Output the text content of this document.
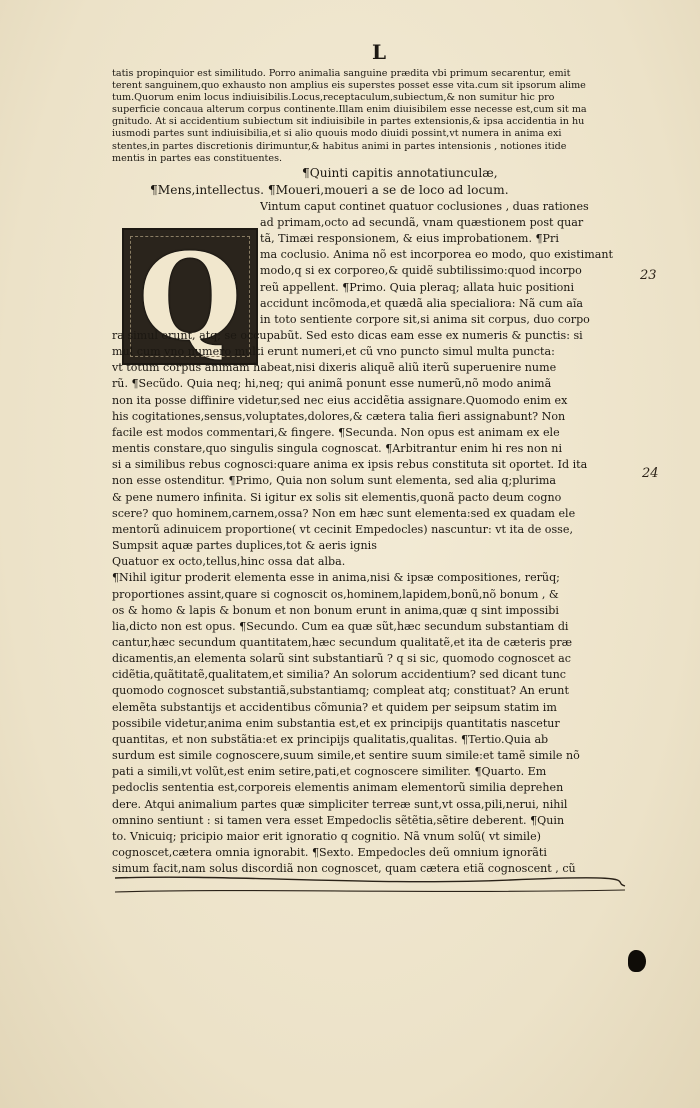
L
23
24
Q
tatis propinquior est similitudo. Porro animalia sanguine prædita vbi primum secarentur, emit
terent sanguinem,quo exhausto non amplius eis superstes posset esse vita.cum sit ipsorum alime
tum.Quorum enim locus indiuisibilis.Locus,receptaculum,subiectum,& non sumitur hic pro
superficie concaua alterum corpus continente.Illam enim diuisibilem esse necesse est,cum sit ma
gnitudo. At si accidentium subiectum sit indiuisibile in partes extensionis,& ipsa accidentia in hu
iusmodi partes sunt indiuisibilia,et si alio quouis modo diuidi possint,vt numera in anima exi
stentes,in partes discretionis dirimuntur,& habitus animi in partes intensionis , notiones itide
mentis in partes eas constituentes.
¶Quinti capitis annotatiunculæ,
¶Mens,intellectus. ¶Moueri,moueri a se de loco ad locum.
Vintum caput continet quatuor coclusiones , duas rationes
ad primam,octo ad secundã, vnam quæstionem post quar
tã, Timæi responsionem, & eius improbationem. ¶Pri
ma coclusio. Anima nõ est incorporea eo modo, quo existimant
modo,q si ex corporeo,& quidẽ subtilissimo:quod incorpo
reũ appellent. ¶Primo. Quia pleraq; allata huic positioni
accidunt incõmoda,et quædã alia specialiora: Nã cum aĩa
in toto sentiente corpore sit,si anima sit corpus, duo corpo
ra simul erunt, atq; se occupabũt. Sed esto dicas eam esse ex numeris & punctis: si
mul cum vno numero multi erunt numeri,et cũ vno puncto simul multa puncta:
vt totum corpus animam habeat,nisi dixeris aliquẽ aliũ iterũ superuenire nume
rũ. ¶Secũdo. Quia neq; hi,neq; qui animã ponunt esse numerũ,nõ modo animã
non ita posse diffinire videtur,sed nec eius accidẽtia assignare.Quomodo enim ex
his cogitationes,sensus,voluptates,dolores,& cætera talia fieri assignabunt? Non
facile est modos commentari,& fingere. ¶Secunda. Non opus est animam ex ele
mentis constare,quo singulis singula cognoscat. ¶Arbitrantur enim hi res non ni
si a similibus rebus cognosci:quare anima ex ipsis rebus constituta sit oportet. Id ita
non esse ostenditur. ¶Primo, Quia non solum sunt elementa, sed alia q;plurima
& pene numero infinita. Si igitur ex solis sit elementis,quonã pacto deum cogno
scere? quo hominem,carnem,ossa? Non em hæc sunt elementa:sed ex quadam ele
mentorũ adinuicem proportione( vt cecinit Empedocles) nascuntur: vt ita de osse,
Sumpsit aquæ partes duplices,tot & aeris ignis
Quatuor ex octo,tellus,hinc ossa dat alba.
¶Nihil igitur proderit elementa esse in anima,nisi & ipsæ compositiones, rerũq;
proportiones assint,quare si cognoscit os,hominem,lapidem,bonũ,nõ bonum , &
os & homo & lapis & bonum et non bonum erunt in anima,quæ q sint impossibi
lia,dicto non est opus. ¶Secundo. Cum ea quæ sũt,hæc secundum substantiam di
cantur,hæc secundum quantitatem,hæc secundum qualitatẽ,et ita de cæteris præ
dicamentis,an elementa solarũ sint substantiarũ ? q si sic, quomodo cognoscet ac
cidẽtia,quãtitatẽ,qualitatem,et similia? An solorum accidentium? sed dicant tunc
quomodo cognoscet substantiã,substantiamq; compleat atq; constituat? An erunt
elemẽta substantijs et accidentibus cõmunia? et quidem per seipsum statim im
possibile videtur,anima enim substantia est,et ex principijs quantitatis nascetur
quantitas, et non substãtia:et ex principijs qualitatis,qualitas. ¶Tertio.Quia ab
surdum est simile cognoscere,suum simile,et sentire suum simile:et tamẽ simile nõ
pati a simili,vt volũt,est enim setire,pati,et cognoscere similiter. ¶Quarto. Em
pedoclis sententia est,corporeis elementis animam elementorũ similia deprehen
dere. Atqui animalium partes quæ simpliciter terreæ sunt,vt ossa,pili,nerui, nihil
omnino sentiunt : si tamen vera esset Empedoclis sẽtẽtia,sẽtire deberent. ¶Quin
to. Vnicuiq; pricipio maior erit ignoratio q cognitio. Nã vnum solũ( vt simile)
cognoscet,cætera omnia ignorabit. ¶Sexto. Empedocles deũ omnium ignorãti
simum facit,nam solus discordiã non cognoscet, quam cætera etiã cognoscent , cũ
